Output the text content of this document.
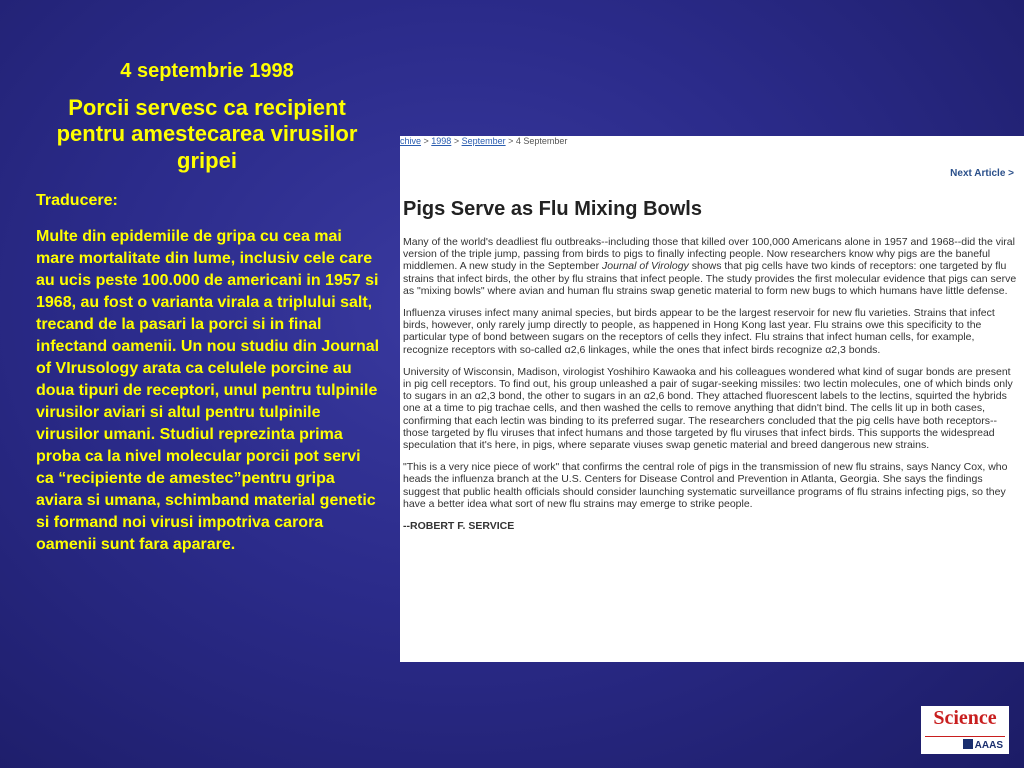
4 septembrie 1998
Porcii servesc ca recipient pentru amestecarea virusilor gripei
Traducere:
Multe din epidemiile de gripa cu cea mai mare mortalitate din lume, inclusiv cele care au ucis peste 100.000 de americani in 1957 si 1968, au fost o varianta virala a triplului salt, trecand de la pasari la porci si in final infectand oamenii. Un nou studiu din Journal of VIrusology arata ca celulele porcine au doua tipuri de receptori, unul pentru tulpinile virusilor aviari si altul pentru tulpinile virusilor umani. Studiul reprezinta prima proba ca la nivel molecular porcii pot servi ca “recipiente de amestec”pentru gripa aviara si umana, schimband material genetic si formand noi virusi impotriva carora oamenii sunt fara aparare.
chive > 1998 > September > 4 September
Next Article >
Pigs Serve as Flu Mixing Bowls

Many of the world's deadliest flu outbreaks--including those that killed over 100,000 Americans alone in 1957 and 1968--did the viral version of the triple jump, passing from birds to pigs to finally infecting people. Now researchers know why pigs are the baneful middlemen. A new study in the September Journal of Virology shows that pig cells have two kinds of receptors: one targeted by flu strains that infect birds, the other by flu strains that infect people. The study provides the first molecular evidence that pigs can serve as "mixing bowls" where avian and human flu strains swap genetic material to form new bugs to which humans have little defense.

Influenza viruses infect many animal species, but birds appear to be the largest reservoir for new flu varieties. Strains that infect birds, however, only rarely jump directly to people, as happened in Hong Kong last year. Flu strains owe this specificity to the particular type of bond between sugars on the receptors of cells they infect. Flu strains that infect human cells, for example, recognize receptors with so-called α2,6 linkages, while the ones that infect birds recognize α2,3 bonds.

University of Wisconsin, Madison, virologist Yoshihiro Kawaoka and his colleagues wondered what kind of sugar bonds are present in pig cell receptors. To find out, his group unleashed a pair of sugar-seeking missiles: two lectin molecules, one of which binds only to sugars in an α2,3 bond, the other to sugars in an α2,6 bond. They attached fluorescent labels to the lectins, squirted the hybrids one at a time to pig trachae cells, and then washed the cells to remove anything that didn't bind. The cells lit up in both cases, confirming that each lectin was binding to its preferred sugar. The researchers concluded that the pig cells have both receptors--those targeted by flu viruses that infect humans and those targeted by flu viruses that infect birds. This supports the widespread speculation that it's here, in pigs, where separate viuses swap genetic material and breed dangerous new strains.

"This is a very nice piece of work" that confirms the central role of pigs in the transmission of new flu strains, says Nancy Cox, who heads the influenza branch at the U.S. Centers for Disease Control and Prevention in Atlanta, Georgia. She says the findings suggest that public health officials should consider launching systematic surveillance programs of flu strains infecting pigs, so they have a better idea what sort of new flu strains may emerge to strike people.

--ROBERT F. SERVICE

Science
AAAS
